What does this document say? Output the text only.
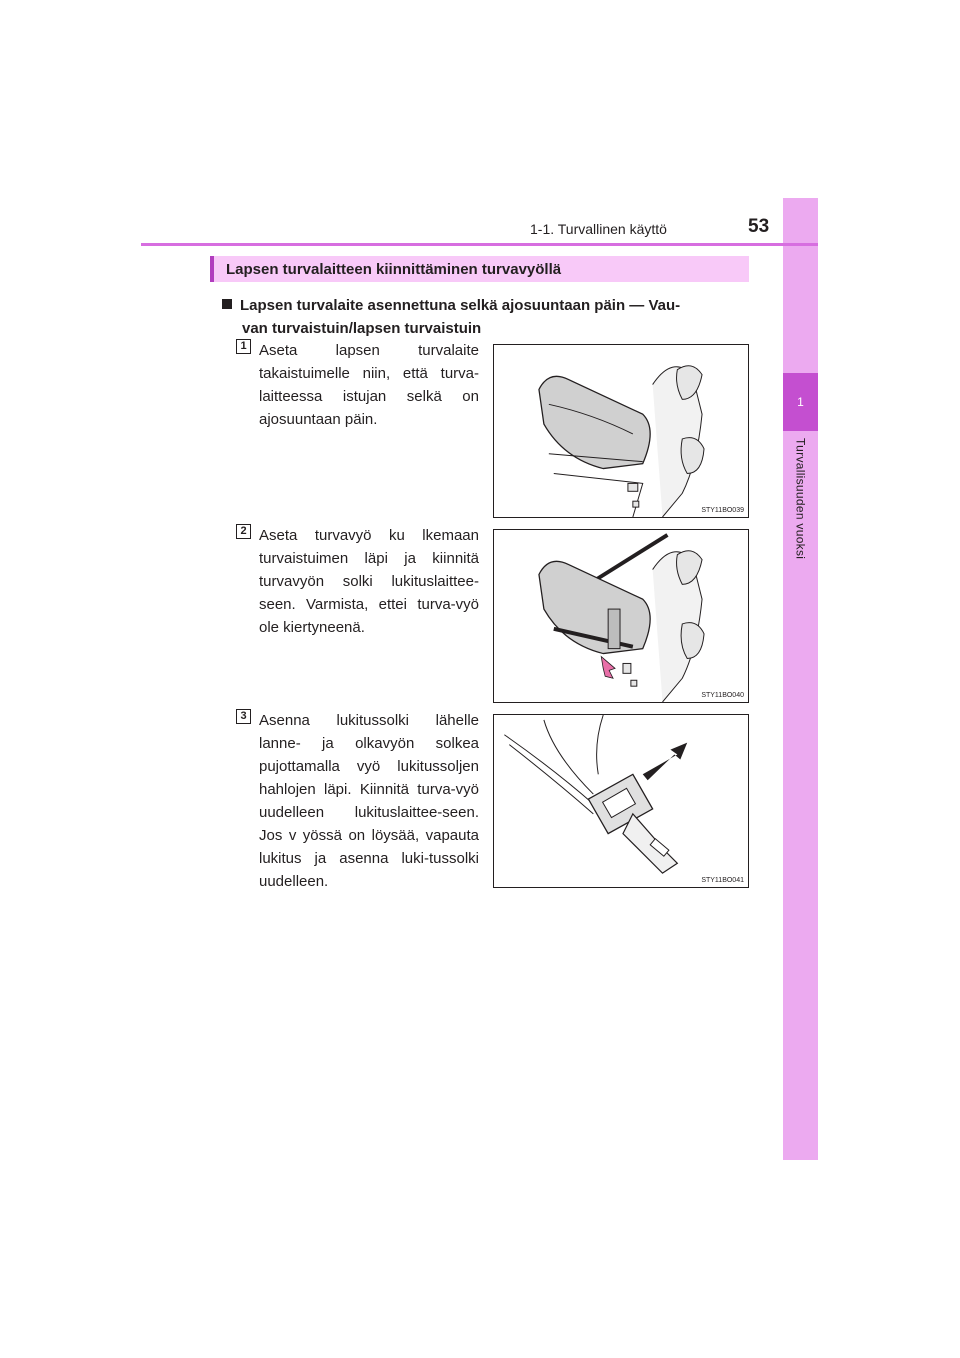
1
Turvallisuuden vuoksi
1-1. Turvallinen käyttö	53
Lapsen turvalaitteen kiinnittäminen turvavyöllä
Lapsen turvalaite asennettuna selkä ajosuuntaan päin — Vau-
van turvaistuin/lapsen turvaistuin
1 Aseta lapsen turvalaite takaistuimelle niin, että turva-laitteessa istujan selkä on ajosuuntaan päin.
STY11BO039
2 Aseta turvavyö ku lkemaan turvaistuimen läpi ja kiinnitä turvavyön solki lukituslaittee-seen. Varmista, ettei turva-vyö ole kiertyneenä.
STY11BO040
3 Asenna lukitussolki lähelle lanne- ja olkavyön solkea pujottamalla vyö lukitussoljen hahlojen läpi. Kiinnitä turva-vyö uudelleen lukituslaittee-seen. Jos v yössä on löysää, vapauta lukitus ja asenna luki-tussolki uudelleen.	STY11BO041
